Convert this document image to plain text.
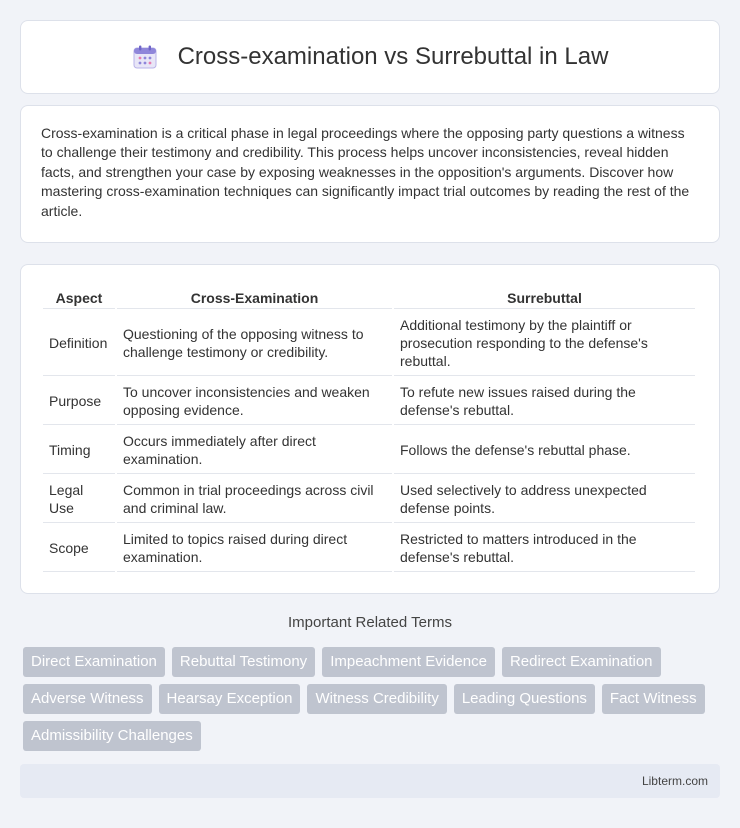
Cross-examination vs Surrebuttal in Law

Cross-examination is a critical phase in legal proceedings where the opposing party questions a witness to challenge their testimony and credibility. This process helps uncover inconsistencies, reveal hidden facts, and strengthen your case by exposing weaknesses in the opposition's arguments. Discover how mastering cross-examination techniques can significantly impact trial outcomes by reading the rest of the article.

Aspect	Cross-Examination	Surrebuttal
Definition	Questioning of the opposing witness to challenge testimony or credibility.	Additional testimony by the plaintiff or prosecution responding to the defense's rebuttal.
Purpose	To uncover inconsistencies and weaken opposing evidence.	To refute new issues raised during the defense's rebuttal.
Timing	Occurs immediately after direct examination.	Follows the defense's rebuttal phase.
Legal Use	Common in trial proceedings across civil and criminal law.	Used selectively to address unexpected defense points.
Scope	Limited to topics raised during direct examination.	Restricted to matters introduced in the defense's rebuttal.
Important Related Terms
Direct Examination	Rebuttal Testimony	Impeachment Evidence	Redirect Examination
Adverse Witness	Hearsay Exception	Witness Credibility	Leading Questions	Fact Witness
Admissibility Challenges
Libterm.com
